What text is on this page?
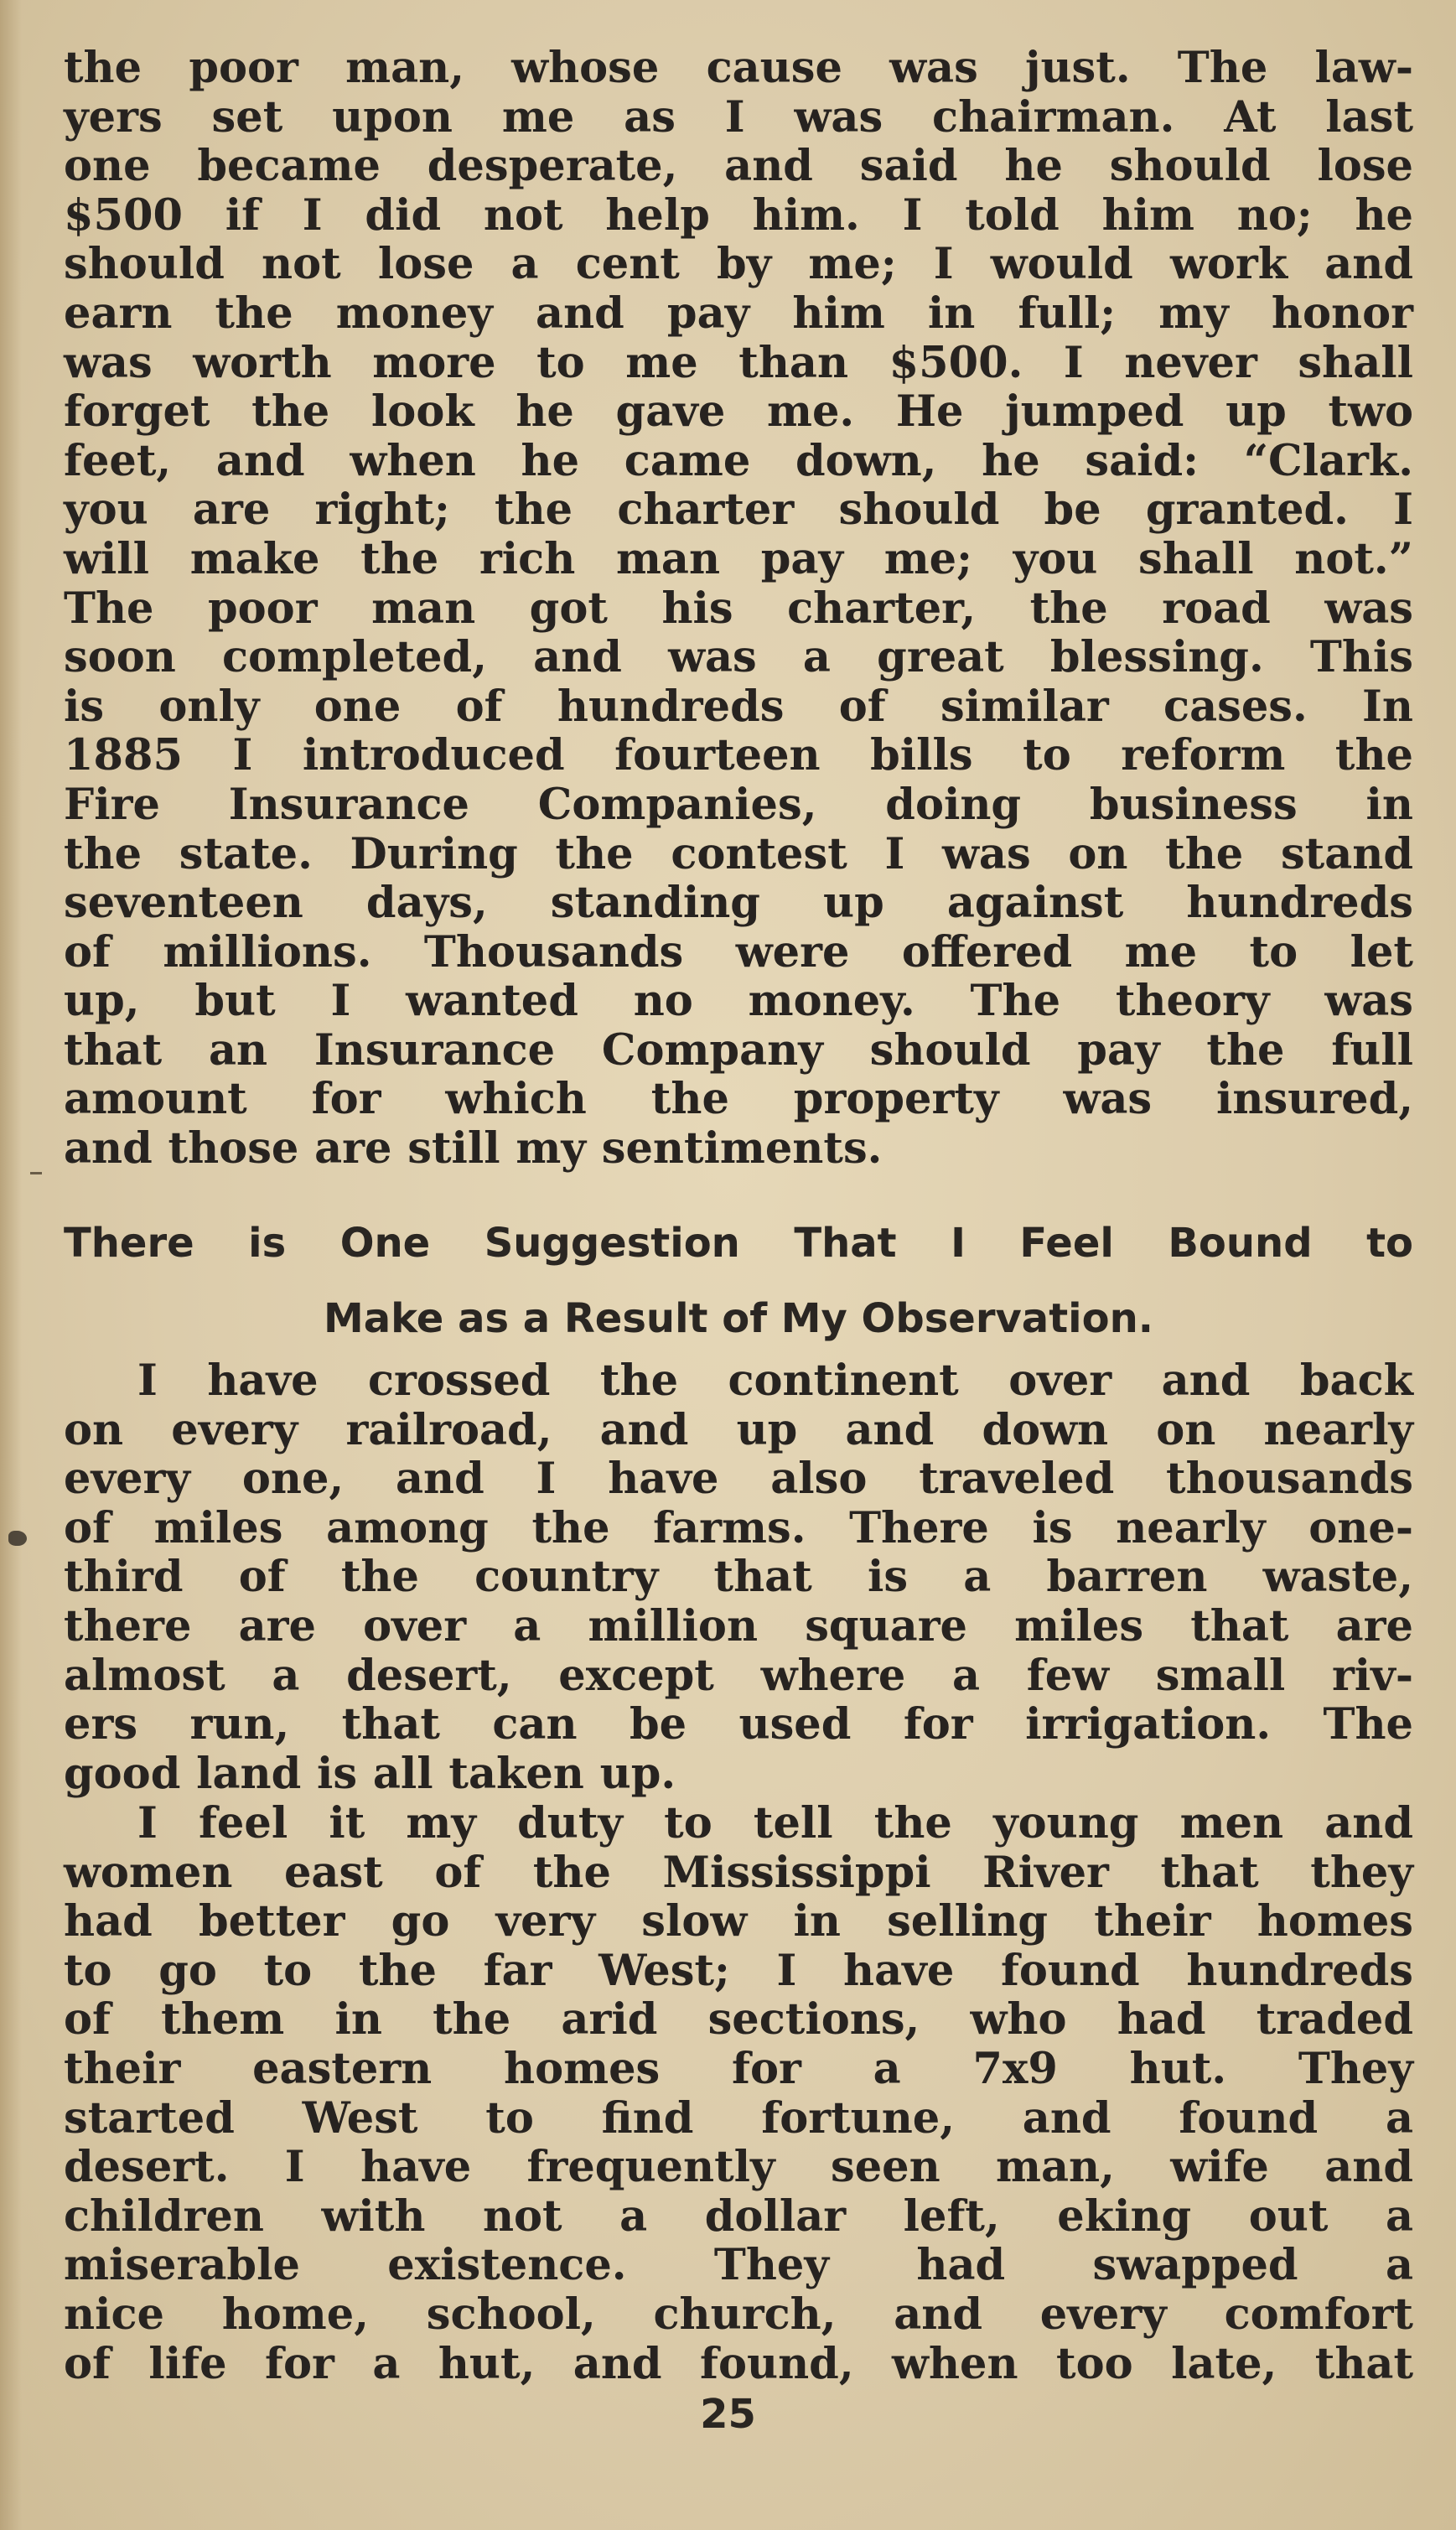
the poor man, whose cause was just. The law-
yers set upon me as I was chairman. At last
one became desperate, and said he should lose
$500 if I did not help him. I told him no; he
should not lose a cent by me; I would work and
earn the money and pay him in full; my honor
was worth more to me than $500. I never shall
forget the look he gave me. He jumped up two
feet, and when he came down, he said: “Clark.
you are right; the charter should be granted. I
will make the rich man pay me; you shall not.”
The poor man got his charter, the road was
soon completed, and was a great blessing. This
is only one of hundreds of similar cases. In
1885 I introduced fourteen bills to reform the
Fire Insurance Companies, doing business in
the state. During the contest I was on the stand
seventeen days, standing up against hundreds
of millions. Thousands were offered me to let
up, but I wanted no money. The theory was
that an Insurance Company should pay the full
amount for which the property was insured,
and those are still my sentiments.
There is One Suggestion That I Feel Bound to
Make as a Result of My Observation.
I have crossed the continent over and back
on every railroad, and up and down on nearly
every one, and I have also traveled thousands
of miles among the farms. There is nearly one-
third of the country that is a barren waste,
there are over a million square miles that are
almost a desert, except where a few small riv-
ers run, that can be used for irrigation. The
good land is all taken up.
I feel it my duty to tell the young men and
women east of the Mississippi River that they
had better go very slow in selling their homes
to go to the far West; I have found hundreds
of them in the arid sections, who had traded
their eastern homes for a 7x9 hut. They
started West to find fortune, and found a
desert. I have frequently seen man, wife and
children with not a dollar left, eking out a
miserable existence. They had swapped a
nice home, school, church, and every comfort
of life for a hut, and found, when too late, that
25
